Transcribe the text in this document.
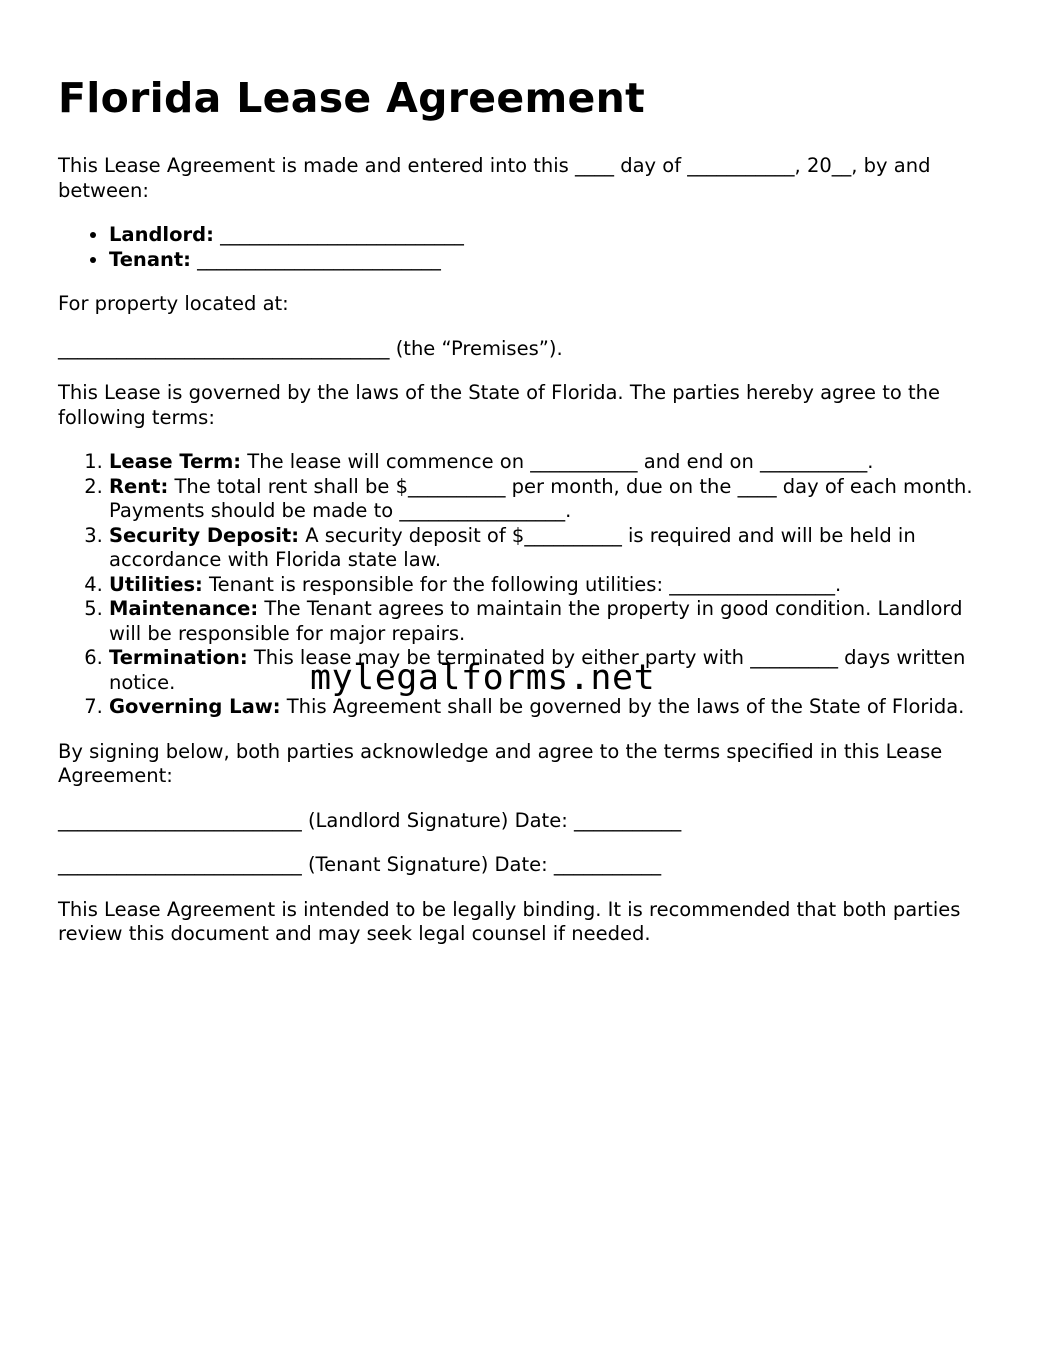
Florida Lease Agreement

This Lease Agreement is made and entered into this ____ day of ___________, 20__, by and between:

• Landlord: _________________________
• Tenant: _________________________

For property located at:

__________________________________ (the “Premises”).

This Lease is governed by the laws of the State of Florida. The parties hereby agree to the following terms:

1. Lease Term: The lease will commence on ___________ and end on ___________.
2. Rent: The total rent shall be $__________ per month, due on the ____ day of each month. Payments should be made to _________________.
3. Security Deposit: A security deposit of $__________ is required and will be held in accordance with Florida state law.
4. Utilities: Tenant is responsible for the following utilities: _________________.
5. Maintenance: The Tenant agrees to maintain the property in good condition. Landlord will be responsible for major repairs.
6. Termination: This lease may be terminated by either party with _________ days written notice.
7. Governing Law: This Agreement shall be governed by the laws of the State of Florida.

By signing below, both parties acknowledge and agree to the terms specified in this Lease Agreement:

_________________________ (Landlord Signature) Date: ___________

_________________________ (Tenant Signature) Date: ___________

This Lease Agreement is intended to be legally binding. It is recommended that both parties review this document and may seek legal counsel if needed.

mylegalforms.net
